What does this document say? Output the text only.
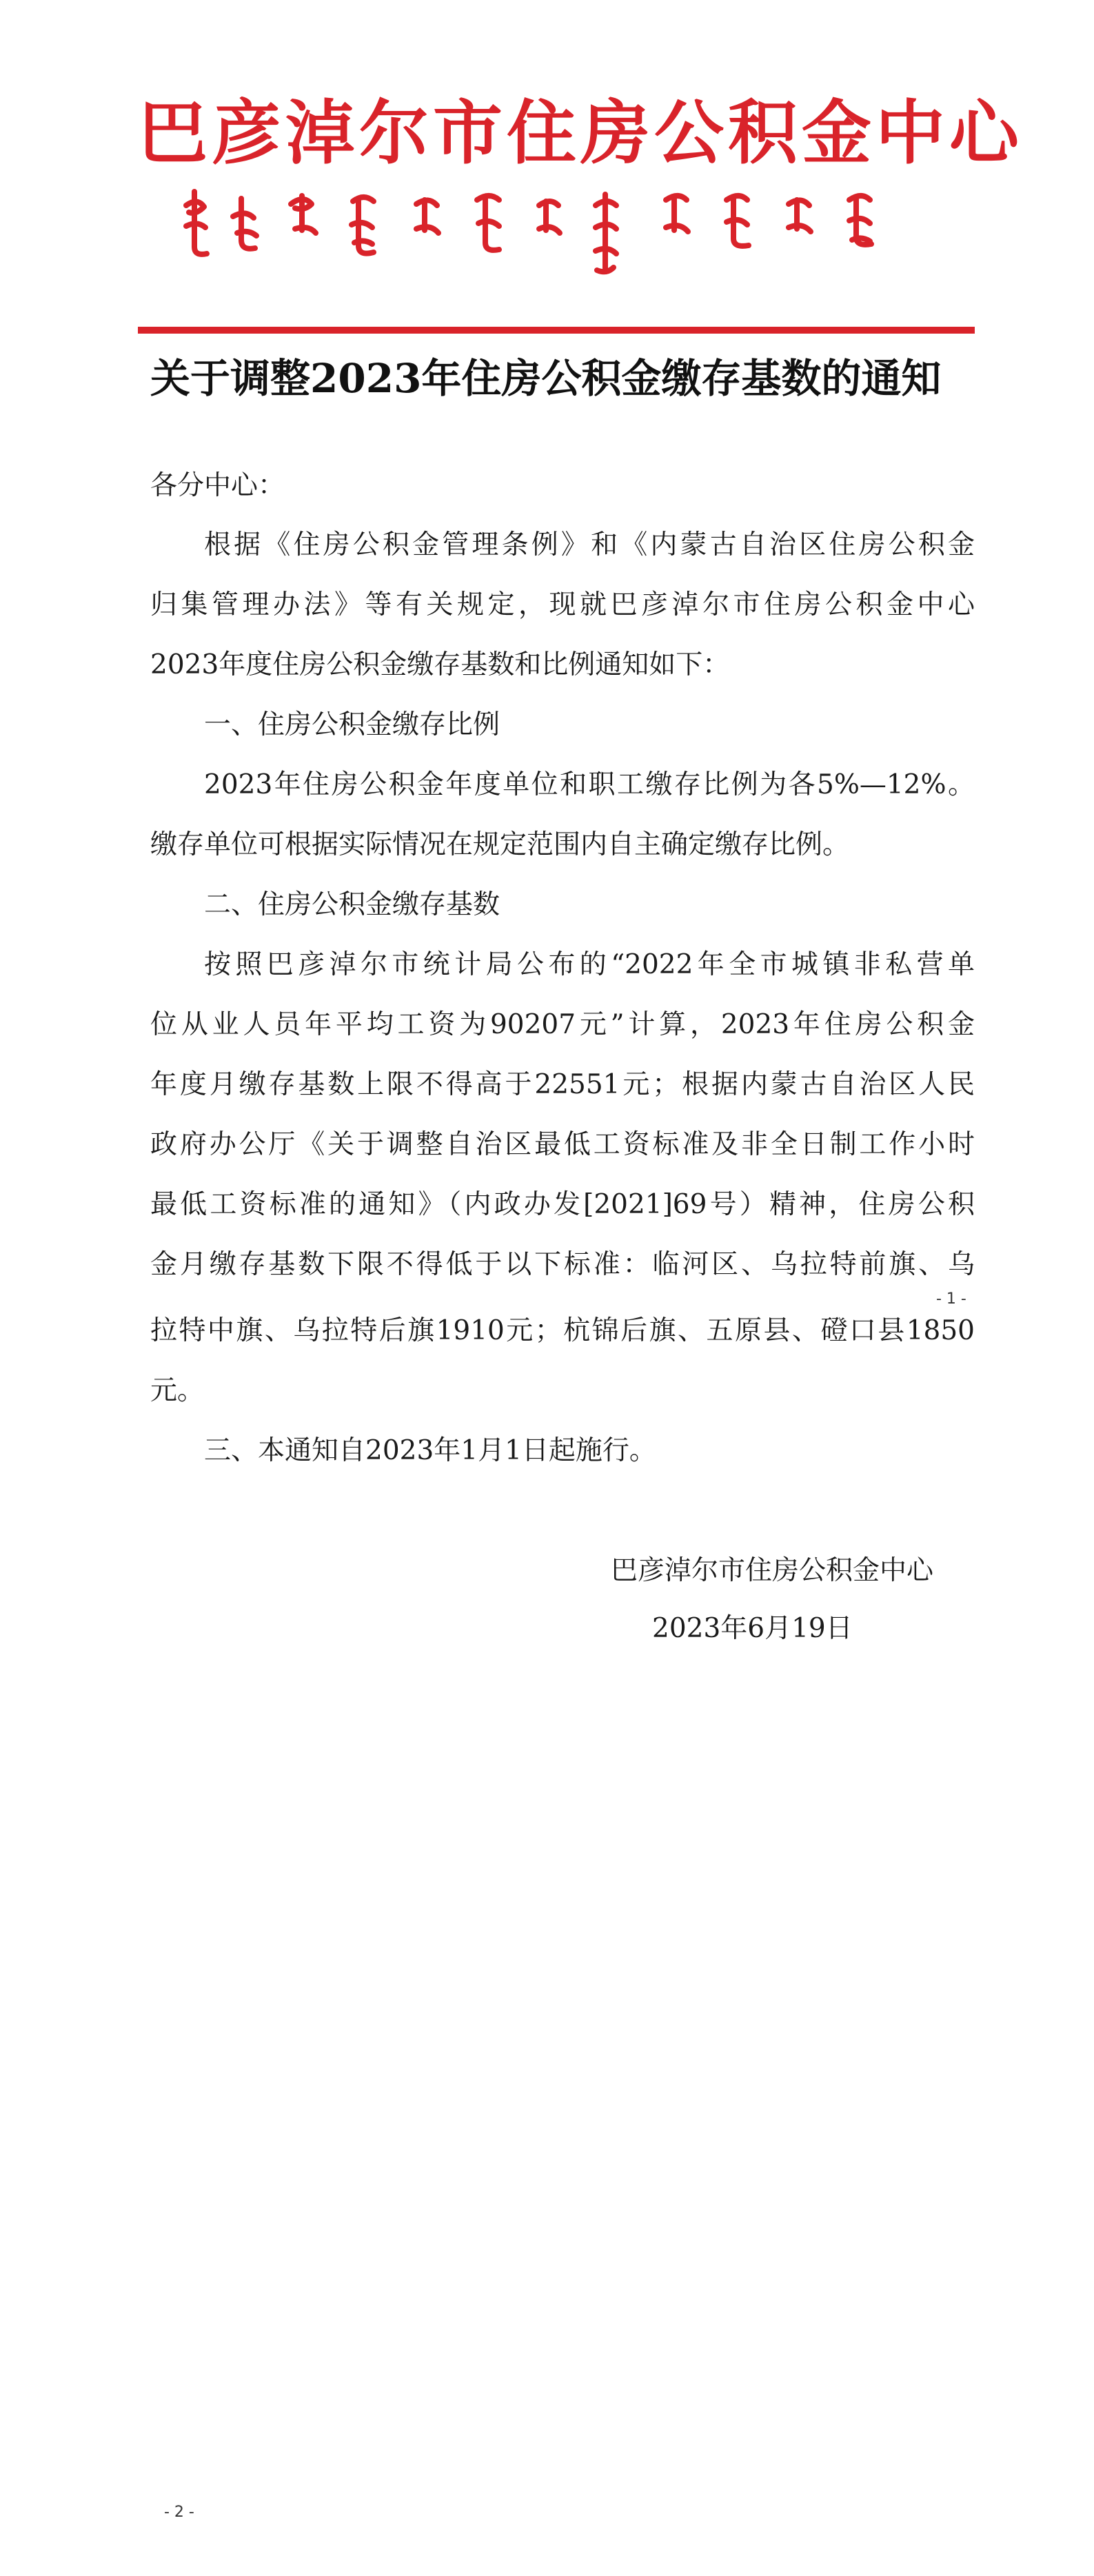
巴彦淖尔市住房公积金中心
关于调整2023年住房公积金缴存基数的通知
各分中心：
根据《住房公积金管理条例》和《内蒙古自治区住房公积金
归集管理办法》等有关规定，现就巴彦淖尔市住房公积金中心
2023年度住房公积金缴存基数和比例通知如下：
一、住房公积金缴存比例
2023年住房公积金年度单位和职工缴存比例为各5%—12%。
缴存单位可根据实际情况在规定范围内自主确定缴存比例。
二、住房公积金缴存基数
按照巴彦淖尔市统计局公布的“2022年全市城镇非私营单
位从业人员年平均工资为90207元”计算，2023年住房公积金
年度月缴存基数上限不得高于22551元；根据内蒙古自治区人民
政府办公厅《关于调整自治区最低工资标准及非全日制工作小时
最低工资标准的通知》（内政办发[2021]69号）精神，住房公积
金月缴存基数下限不得低于以下标准：临河区、乌拉特前旗、乌
- 1 -
拉特中旗、乌拉特后旗1910元；杭锦后旗、五原县、磴口县1850
元。
三、本通知自2023年1月1日起施行。
巴彦淖尔市住房公积金中心
2023年6月19日
- 2 -
